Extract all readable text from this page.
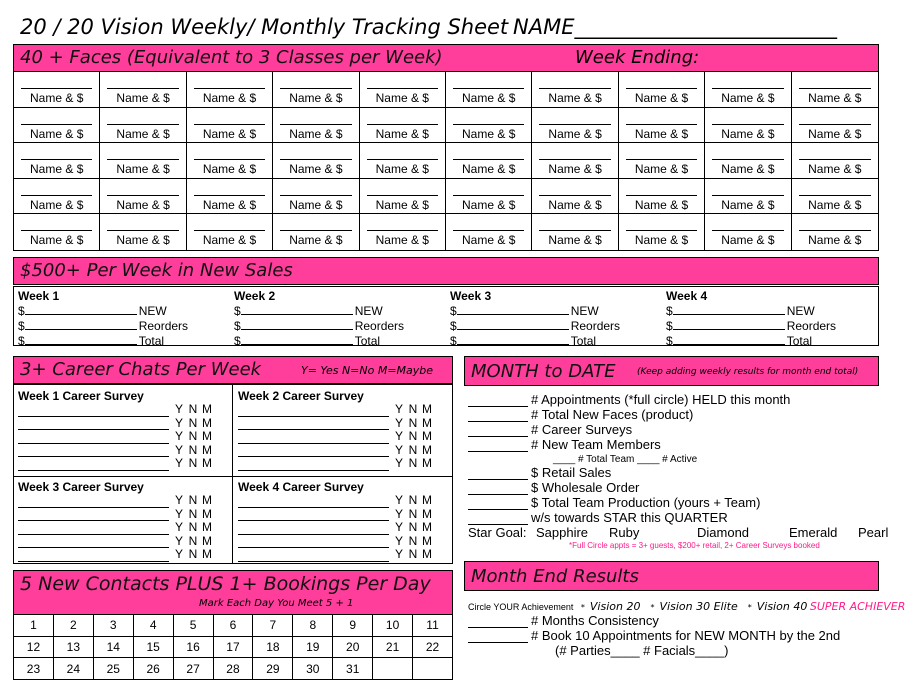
20 / 20 Vision Weekly/ Monthly Tracking Sheet NAME_________________________
40 + Faces (Equivalent to 3 Classes per Week)	Week Ending:
Name & $	Name & $	Name & $	Name & $	Name & $	Name & $	Name & $	Name & $	Name & $	Name & $
Name & $	Name & $	Name & $	Name & $	Name & $	Name & $	Name & $	Name & $	Name & $	Name & $
Name & $	Name & $	Name & $	Name & $	Name & $	Name & $	Name & $	Name & $	Name & $	Name & $
Name & $	Name & $	Name & $	Name & $	Name & $	Name & $	Name & $	Name & $	Name & $	Name & $
Name & $	Name & $	Name & $	Name & $	Name & $	Name & $	Name & $	Name & $	Name & $	Name & $
$500+ Per Week in New Sales
Week 1
$	NEW
$	Reorders
$	Total
Week 2
$	NEW
$	Reorders
$	Total
Week 3
$	NEW
$	Reorders
$	Total
Week 4
$	NEW
$	Reorders
$	Total
3+ Career Chats Per Week	Y= Yes N=No M=Maybe
Week 1 Career Survey
Y N M
Y N M
Y N M
Y N M
Y N M
Week 2 Career Survey
Y N M
Y N M
Y N M
Y N M
Y N M
Week 3 Career Survey
Y N M
Y N M
Y N M
Y N M
Y N M
Week 4 Career Survey
Y N M
Y N M
Y N M
Y N M
Y N M
MONTH to DATE (Keep adding weekly results for month end total)
# Appointments (*full circle) HELD this month
# Total New Faces (product)
# Career Surveys
# New Team Members
____ # Total Team ____ # Active
$ Retail Sales
$ Wholesale Order
$ Total Team Production (yours + Team)
w/s towards STAR this QUARTER
Star Goal: Sapphire Ruby	Diamond	Emerald Pearl
*Full Circle appts = 3+ guests, $200+ retail, 2+ Career Surveys booked
5 New Contacts PLUS 1+ Bookings Per Day
Mark Each Day You Meet 5 + 1
1	2	3	4	5	6	7	8	9	10	11
12	13	14	15	16	17	18	19	20	21	22
23	24	25	26	27	28	29	30	31		
Month End Results
Circle YOUR Achievement * Vision 20 * Vision 30 Elite * Vision 40 SUPER ACHIEVER
# Months Consistency
# Book 10 Appointments for NEW MONTH by the 2nd
(# Parties____ # Facials____)
